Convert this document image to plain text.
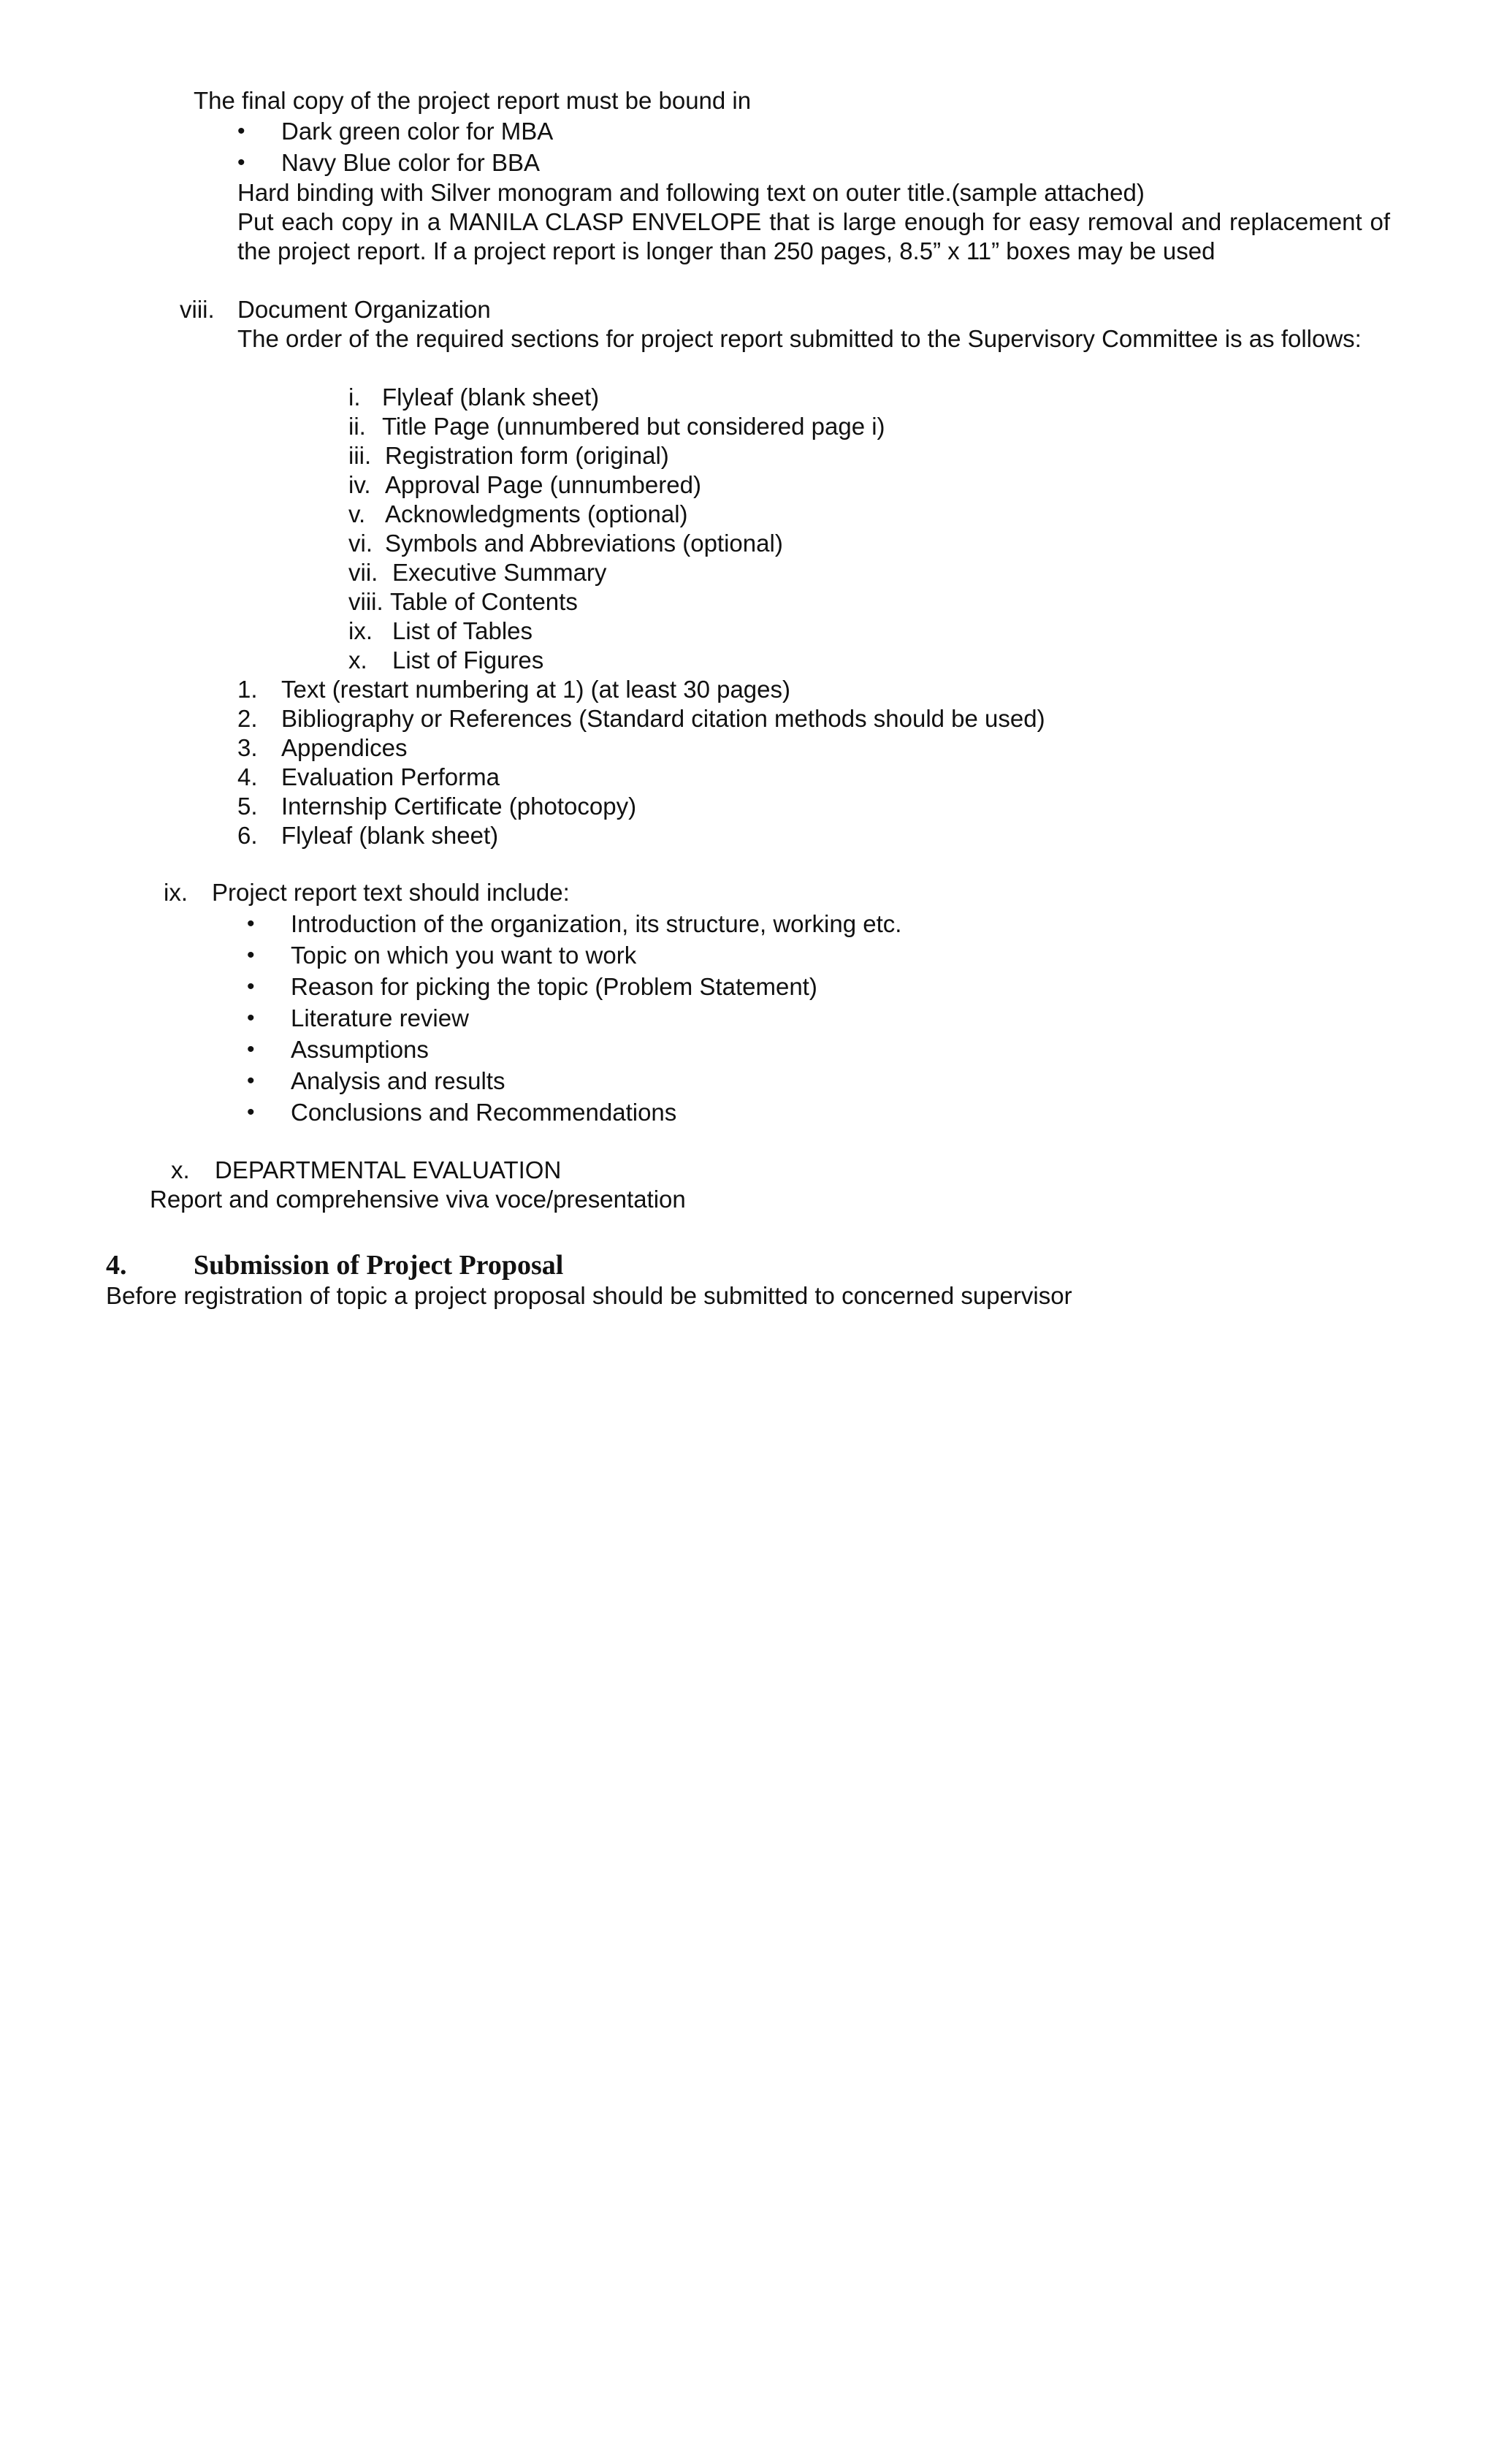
The final copy of the project report must be bound in
• Dark green color for MBA
• Navy Blue color for BBA
Hard binding with Silver monogram and following text on outer title.(sample attached)
Put each copy in a MANILA CLASP ENVELOPE that is large enough for easy removal and replacement of
the project report. If a project report is longer than 250 pages, 8.5” x 11” boxes may be used
viii. Document Organization
The order of the required sections for project report submitted to the Supervisory Committee is as follows:
i. Flyleaf (blank sheet)
ii. Title Page (unnumbered but considered page i)
iii. Registration form (original)
iv. Approval Page (unnumbered)
v. Acknowledgments (optional)
vi. Symbols and Abbreviations (optional)
vii. Executive Summary
viii. Table of Contents
ix. List of Tables
x. List of Figures
1. Text (restart numbering at 1) (at least 30 pages)
2. Bibliography or References (Standard citation methods should be used)
3. Appendices
4. Evaluation Performa
5. Internship Certificate (photocopy)
6. Flyleaf (blank sheet)
ix. Project report text should include:
• Introduction of the organization, its structure, working etc.
• Topic on which you want to work
• Reason for picking the topic (Problem Statement)
• Literature review
• Assumptions
• Analysis and results
• Conclusions and Recommendations
x. DEPARTMENTAL EVALUATION
Report and comprehensive viva voce/presentation
4. Submission of Project Proposal
Before registration of topic a project proposal should be submitted to concerned supervisor
